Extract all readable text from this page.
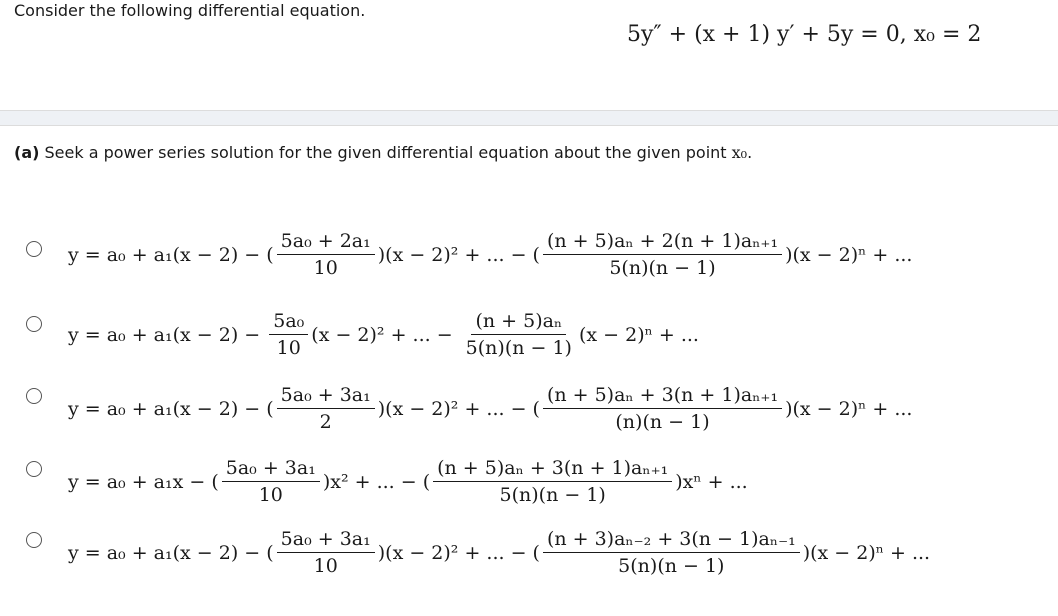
Consider the following differential equation.
5y″ + (x + 1) y′ + 5y = 0, x₀ = 2
(a) Seek a power series solution for the given differential equation about the given point x₀.
y = a₀ + a₁(x − 2) − ( $\frac{\text{5a₀ + 2a₁}}{10} )(x - 2)^2$ + ... − ( $\frac{\text{(n + 5)aₙ + 2(n + 1)aₙ₊₁}}{5(n)(n - 1)} )(x - 2)^n$ + ...
$y = a_0 + a_1(x - 2) - \frac{\text{5a₀}}{10} (x - 2)^2$ + ... − $\frac{\text{(n + 5)aₙ}}{5(n)(n - 1)} (x - 2)^n$ + ...
y = a₀ + a₁(x − 2) − ( $\frac{\text{5a₀ + 3a₁}}{2} )(x - 2)^2$ + ... − ( $\frac{\text{(n + 5)aₙ + 3(n + 1)aₙ₊₁}}{(n)(n - 1)} )(x - 2)^n$ + ...
y = a₀ + a₁x − ( $\frac{\text{5a₀ + 3a₁}}{10} )x^2$ + ... − ( $\frac{\text{(n + 5)aₙ + 3(n + 1)aₙ₊₁}}{5(n)(n - 1)} )x^n$ + ...
y = a₀ + a₁(x − 2) − ( $\frac{\text{5a₀ + 3a₁}}{10} )(x - 2)^2$ + ... − ( $\frac{\text{(n + 3)aₙ₋₂ + 3(n − 1)aₙ₋₁}}{5(n)(n - 1)} )(x - 2)^n$ + ...
